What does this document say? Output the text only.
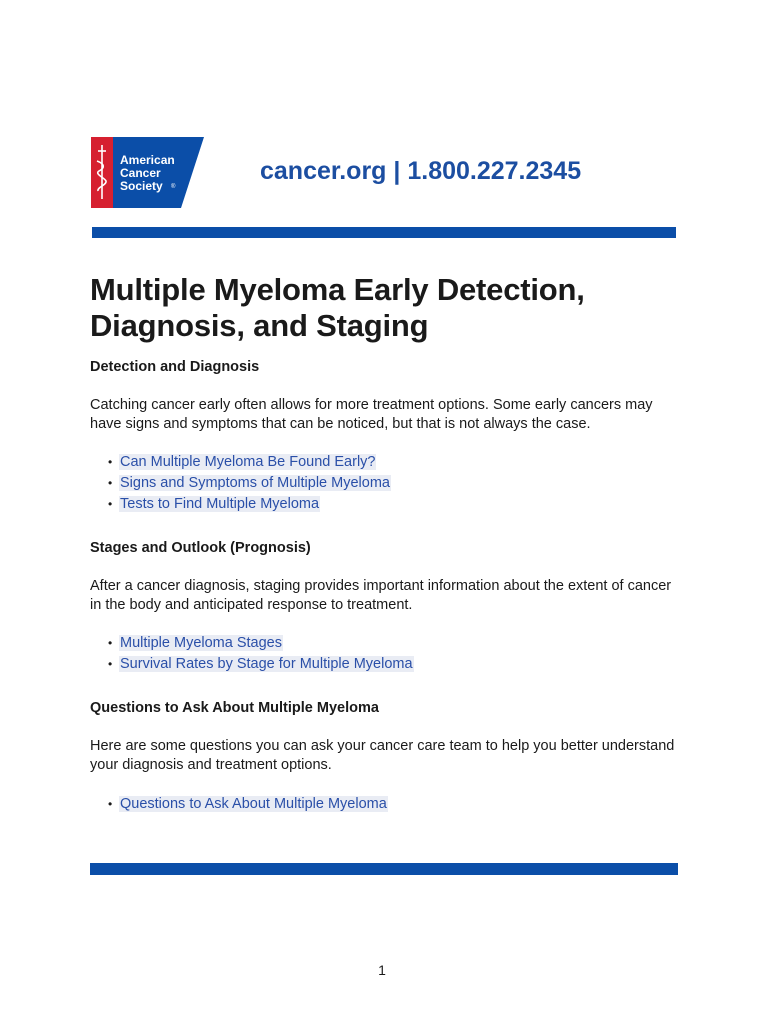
American
Cancer
Society ®
cancer.org | 1.800.227.2345
Multiple Myeloma Early Detection, Diagnosis, and Staging
Detection and Diagnosis

Catching cancer early often allows for more treatment options. Some early cancers may have signs and symptoms that can be noticed, but that is not always the case.

• Can Multiple Myeloma Be Found Early?
• Signs and Symptoms of Multiple Myeloma
• Tests to Find Multiple Myeloma
Stages and Outlook (Prognosis)

After a cancer diagnosis, staging provides important information about the extent of cancer in the body and anticipated response to treatment.

• Multiple Myeloma Stages
• Survival Rates by Stage for Multiple Myeloma
Questions to Ask About Multiple Myeloma

Here are some questions you can ask your cancer care team to help you better understand your diagnosis and treatment options.

• Questions to Ask About Multiple Myeloma
1
